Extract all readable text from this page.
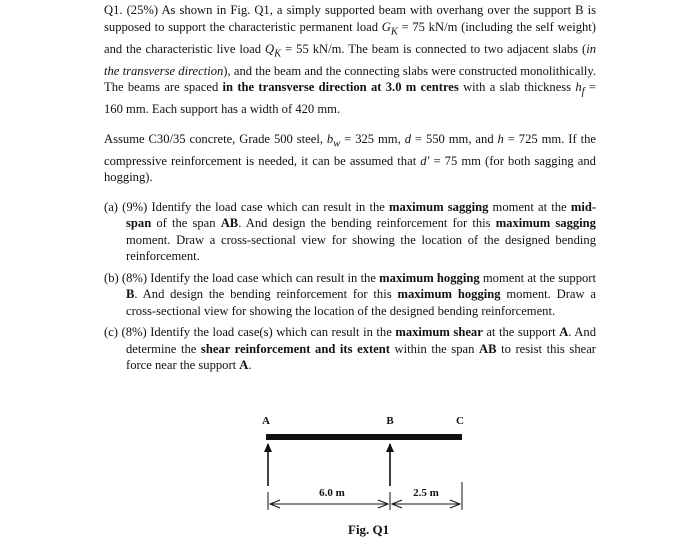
Q1. (25%) As shown in Fig. Q1, a simply supported beam with overhang over the support B is supposed to support the characteristic permanent load $G_K = 75$ kN/m (including the self weight) and the characteristic live load $Q_K = 55$ kN/m. The beam is connected to two adjacent slabs (in the transverse direction), and the beam and the connecting slabs were constructed monolithically. The beams are spaced in the transverse direction at 3.0 m centres with a slab thickness $h_f = 160$ mm. Each support has a width of 420 mm.

Assume C30/35 concrete, Grade 500 steel, $b_w = 325$ mm, d = 550 mm, and h = 725 mm. If the compressive reinforcement is needed, it can be assumed that d′ = 75 mm (for both sagging and hogging).

(a) (9%) Identify the load case which can result in the maximum sagging moment at the mid-span of the span AB. And design the bending reinforcement for this maximum sagging moment. Draw a cross-sectional view for showing the location of the designed bending reinforcement.

(b) (8%) Identify the load case which can result in the maximum hogging moment at the support B. And design the bending reinforcement for this maximum hogging moment. Draw a cross-sectional view for showing the location of the designed bending reinforcement.

(c) (8%) Identify the load case(s) which can result in the maximum shear at the support A. And determine the shear reinforcement and its extent within the span AB to resist this shear force near the support A.

A	B	C
6.0 m	2.5 m
Fig. Q1
